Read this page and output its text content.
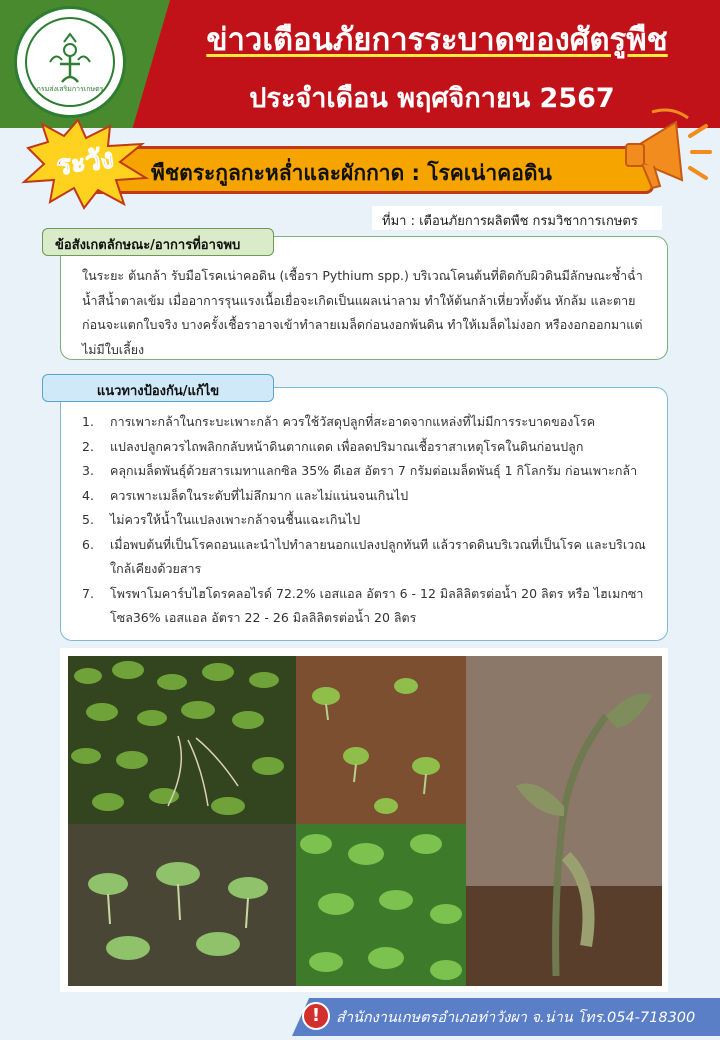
กรมส่งเสริมการเกษตร
ข่าวเตือนภัยการระบาดของศัตรูพืช
ประจำเดือน พฤศจิกายน 2567
พืชตระกูลกะหล่ำและผักกาด : โรคเน่าคอดิน
ระวัง
ที่มา : เตือนภัยการผลิตพืช กรมวิชาการเกษตร
ข้อสังเกตลักษณะ/อาการที่อาจพบ
ในระยะ ต้นกล้า รับมือโรคเน่าคอดิน (เชื้อรา Pythium spp.) บริเวณโคนต้นที่ติดกับผิวดินมีลักษณะช้ำฉ่ำน้ำสีน้ำตาลเข้ม เมื่ออาการรุนแรงเนื้อเยื่อจะเกิดเป็นแผลเน่าลาม ทำให้ต้นกล้าเหี่ยวทั้งต้น หักล้ม และตายก่อนจะแตกใบจริง บางครั้งเชื้อราอาจเข้าทำลายเมล็ดก่อนงอกพ้นดิน ทำให้เมล็ดไม่งอก หรืองอกออกมาแต่ไม่มีใบเลี้ยง
แนวทางป้องกัน/แก้ไข
1.	การเพาะกล้าในกระบะเพาะกล้า ควรใช้วัสดุปลูกที่สะอาดจากแหล่งที่ไม่มีการระบาดของโรค
2.	แปลงปลูกควรไถพลิกกลับหน้าดินตากแดด เพื่อลดปริมาณเชื้อราสาเหตุโรคในดินก่อนปลูก
3.	คลุกเมล็ดพันธุ์ด้วยสารเมทาแลกซิล 35% ดีเอส อัตรา 7 กรัมต่อเมล็ดพันธุ์ 1 กิโลกรัม ก่อนเพาะกล้า
4.	ควรเพาะเมล็ดในระดับที่ไม่ลึกมาก และไม่แน่นจนเกินไป
5.	ไม่ควรให้น้ำในแปลงเพาะกล้าจนชื้นแฉะเกินไป
6.	เมื่อพบต้นที่เป็นโรคถอนและนำไปทำลายนอกแปลงปลูกทันที แล้วราดดินบริเวณที่เป็นโรค และบริเวณใกล้เคียงด้วยสาร
7.	โพรพาโมคาร์บไฮโดรคลอไรด์ 72.2% เอสแอล อัตรา 6 - 12 มิลลิลิตรต่อน้ำ 20 ลิตร หรือ ไฮเมกซาโซล36% เอสแอล อัตรา 22 - 26 มิลลิลิตรต่อน้ำ 20 ลิตร
!	สำนักงานเกษตรอำเภอท่าวังผา จ.น่าน โทร.054-718300
